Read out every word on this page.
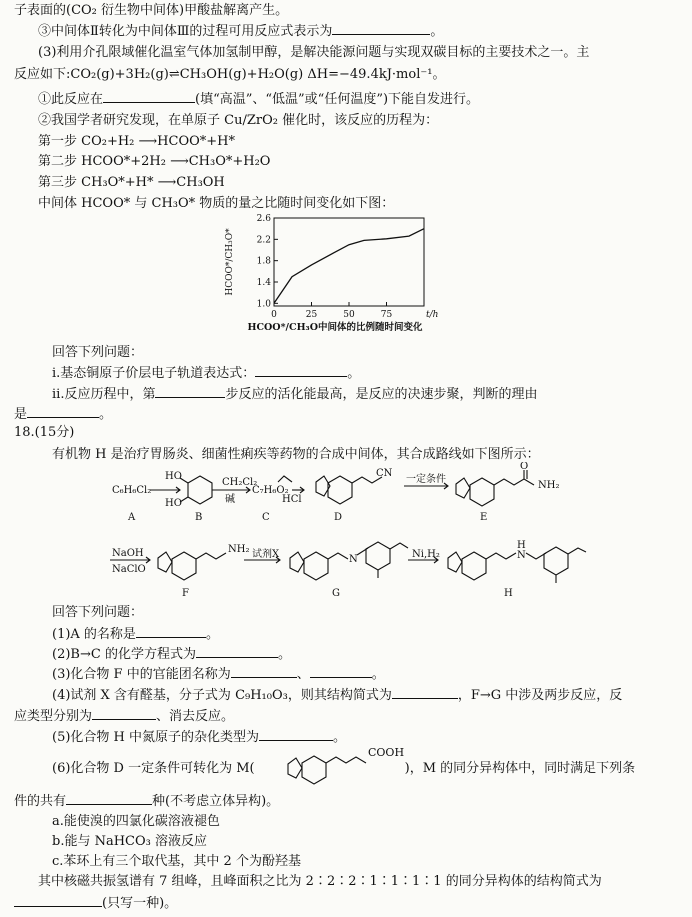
子表面的(CO₂ 衍生物中间体)甲酸盐解离产生。
③中间体Ⅱ转化为中间体Ⅲ的过程可用反应式表示为	。
(3)利用介孔限域催化温室气体加氢制甲醇，是解决能源问题与实现双碳目标的主要技术之一。主
反应如下:CO₂(g)+3H₂(g)⇌CH₃OH(g)+H₂O(g) ΔH=−49.4kJ·mol⁻¹。
①此反应在	(填“高温”、“低温”或“任何温度”)下能自发进行。
②我国学者研究发现，在单原子 Cu/ZrO₂ 催化时，该反应的历程为：
第一步 CO₂+H₂ ⟶HCOO*+H*
第二步 HCOO*+2H₂ ⟶CH₃O*+H₂O
第三步 CH₃O*+H* ⟶CH₃OH
中间体 HCOO* 与 CH₃O* 物质的量之比随时间变化如下图：
1.0
1.4
1.8
2.2
2.6
0	25	50	75	t/h
HCOO*/CH₃O*
HCOO*/CH₃O中间体的比例随时间变化
回答下列问题：
ⅰ.基态铜原子价层电子轨道表达式：	。
ⅱ.反应历程中，第	步反应的活化能最高，是反应的决速步聚，判断的理由
是	。
18.(15分)
有机物 H 是治疗胃肠炎、细菌性痢疾等药物的合成中间体，其合成路线如下图所示：
C₆H₆Cl₂
HO
HO
CH₂Cl₂
碱
C₇H₆O₂
HCl
CN
一定条件
O
NH₂
NaOH
NaClO
NH₂ 试剂X	N	Ni,H₂
H
N
A	B	C	D	E
F	G	H
回答下列问题：
(1)A 的名称是	。
(2)B→C 的化学方程式为	。
(3)化合物 F 中的官能团名称为	、	。
(4)试剂 X 含有醛基，分子式为 C₉H₁₀O₃，则其结构简式为	，F→G 中涉及两步反应，反
应类型分别为	、消去反应。
(5)化合物 H 中氮原子的杂化类型为	。
(6)化合物 D 一定条件可转化为 M(	)，M 的同分异构体中，同时满足下列条
COOH
件的共有	种(不考虑立体异构)。
a.能使溴的四氯化碳溶液褪色
b.能与 NaHCO₃ 溶液反应
c.苯环上有三个取代基，其中 2 个为酚羟基
其中核磁共振氢谱有 7 组峰，且峰面积之比为 2∶2∶2∶1∶1∶1∶1 的同分异构体的结构简式为
(只写一种)。
